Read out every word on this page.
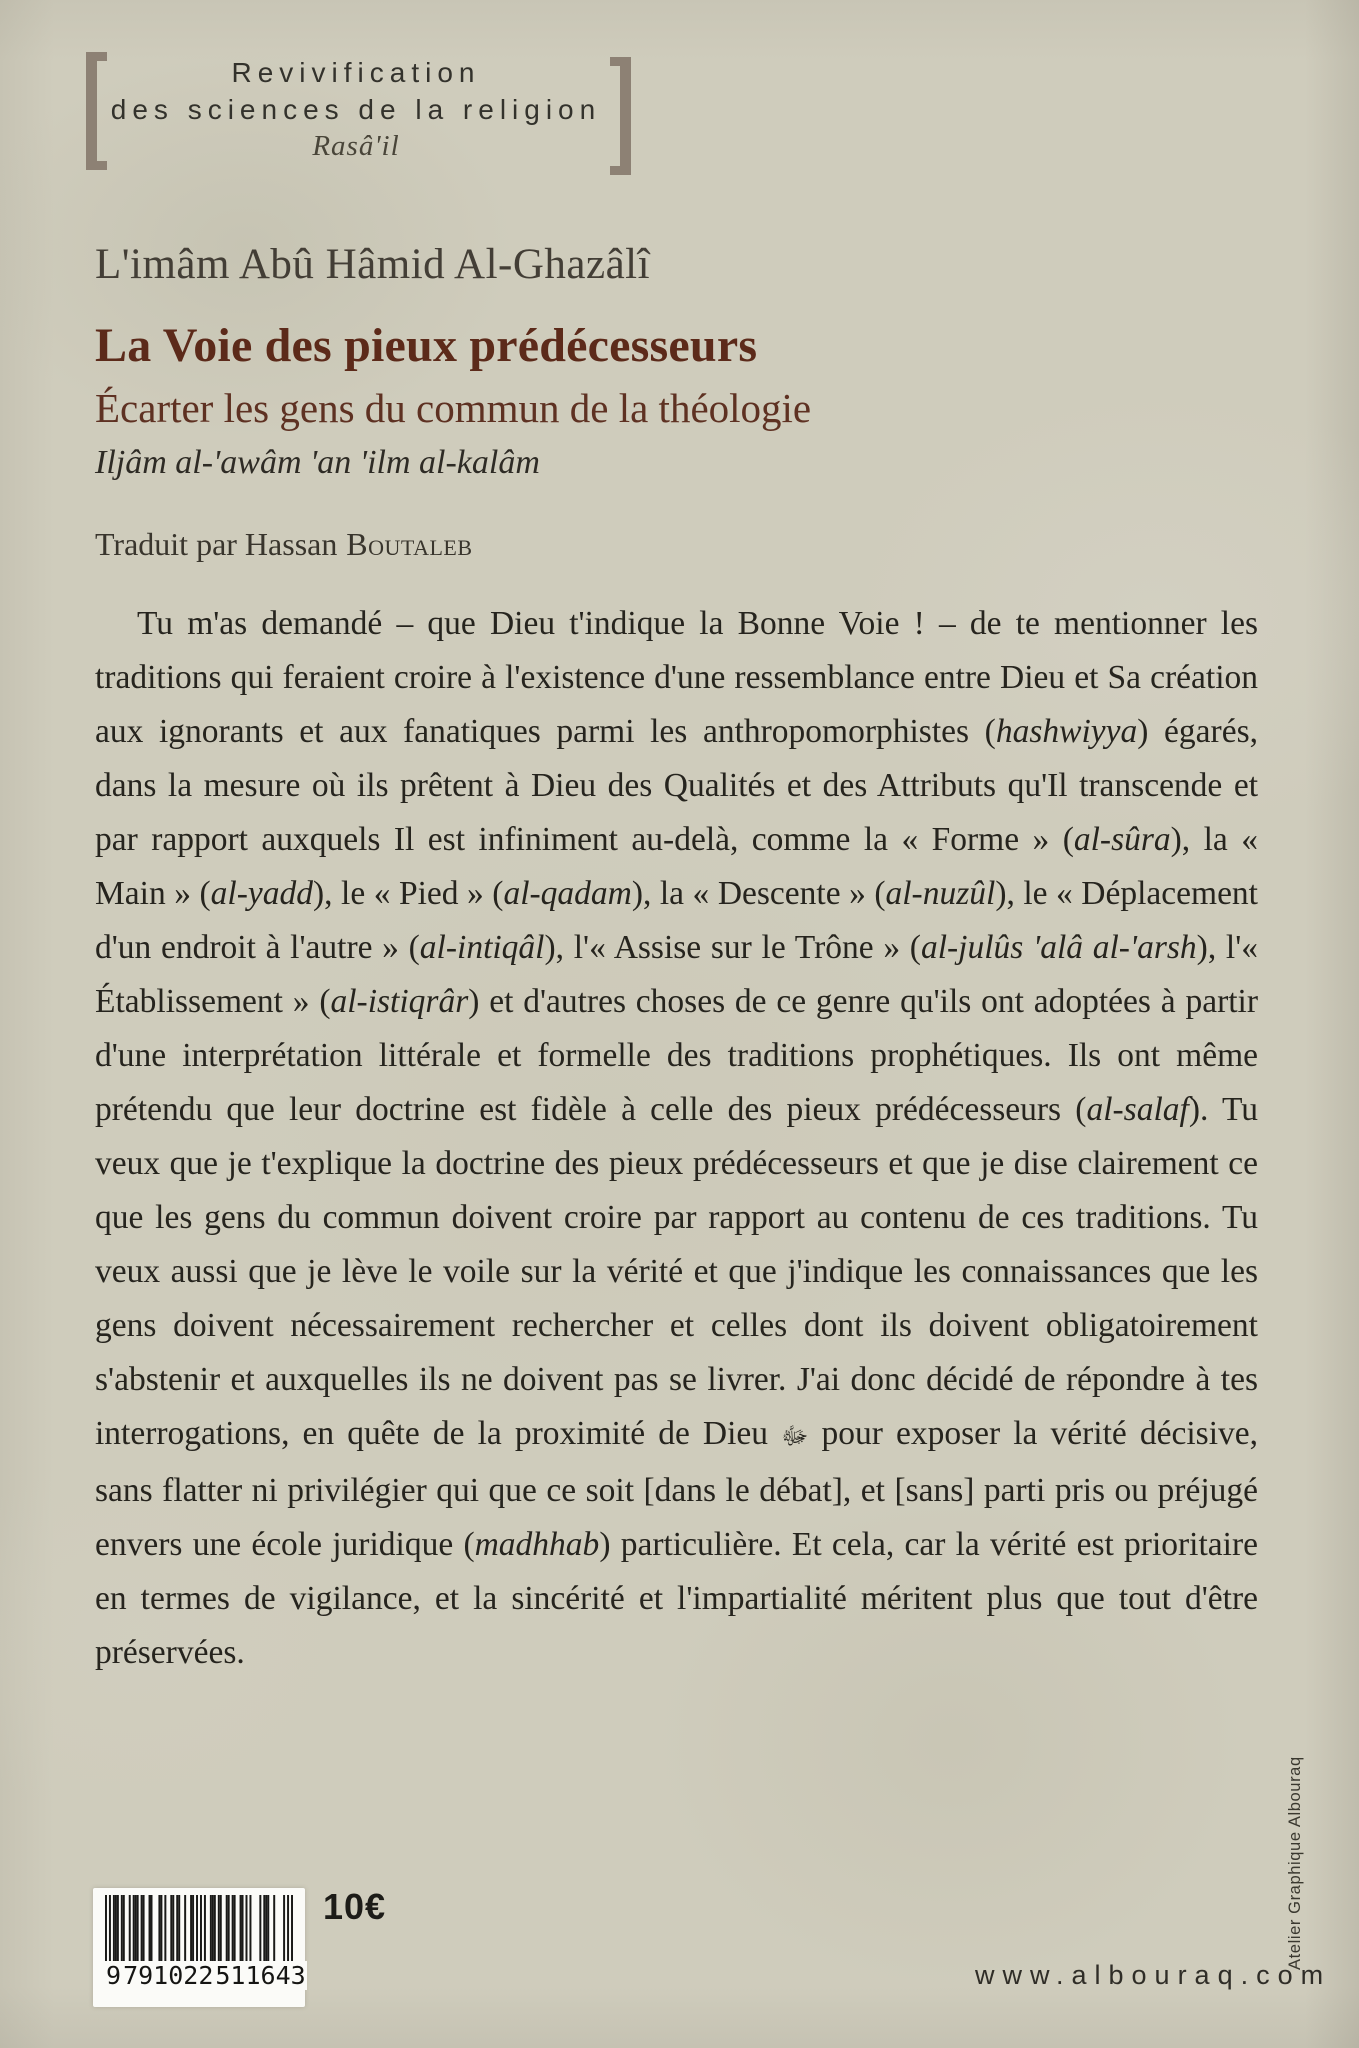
Revivification
des sciences de la religion
Rasâ'il
L'imâm Abû Hâmid Al-Ghazâlî
La Voie des pieux prédécesseurs
Écarter les gens du commun de la théologie
Iljâm al-'awâm 'an 'ilm al-kalâm
Traduit par Hassan Boutaleb
Tu m'as demandé – que Dieu t'indique la Bonne Voie ! – de te mentionner les traditions qui feraient croire à l'existence d'une ressemblance entre Dieu et Sa création aux ignorants et aux fanatiques parmi les anthropomorphistes (hashwiyya) égarés, dans la mesure où ils prêtent à Dieu des Qualités et des Attributs qu'Il transcende et par rapport auxquels Il est infiniment au-delà, comme la « Forme » (al-sûra), la « Main » (al-yadd), le « Pied » (al-qadam), la « Descente » (al-nuzûl), le « Déplacement d'un endroit à l'autre » (al-intiqâl), l'« Assise sur le Trône » (al-julûs 'alâ al-'arsh), l'« Établissement » (al-istiqrâr) et d'autres choses de ce genre qu'ils ont adoptées à partir d'une interprétation littérale et formelle des traditions prophétiques. Ils ont même prétendu que leur doctrine est fidèle à celle des pieux prédécesseurs (al-salaf). Tu veux que je t'explique la doctrine des pieux prédécesseurs et que je dise clairement ce que les gens du commun doivent croire par rapport au contenu de ces traditions. Tu veux aussi que je lève le voile sur la vérité et que j'indique les connaissances que les gens doivent nécessairement rechercher et celles dont ils doivent obligatoirement s'abstenir et auxquelles ils ne doivent pas se livrer. J'ai donc décidé de répondre à tes interrogations, en quête de la proximité de Dieu ﷻ pour exposer la vérité décisive, sans flatter ni privilégier qui que ce soit [dans le débat], et [sans] parti pris ou préjugé envers une école juridique (madhhab) particulière. Et cela, car la vérité est prioritaire en termes de vigilance, et la sincérité et l'impartialité méritent plus que tout d'être préservées.
9 791022 511643
10€
www.albouraq.com
Atelier Graphique Albouraq
